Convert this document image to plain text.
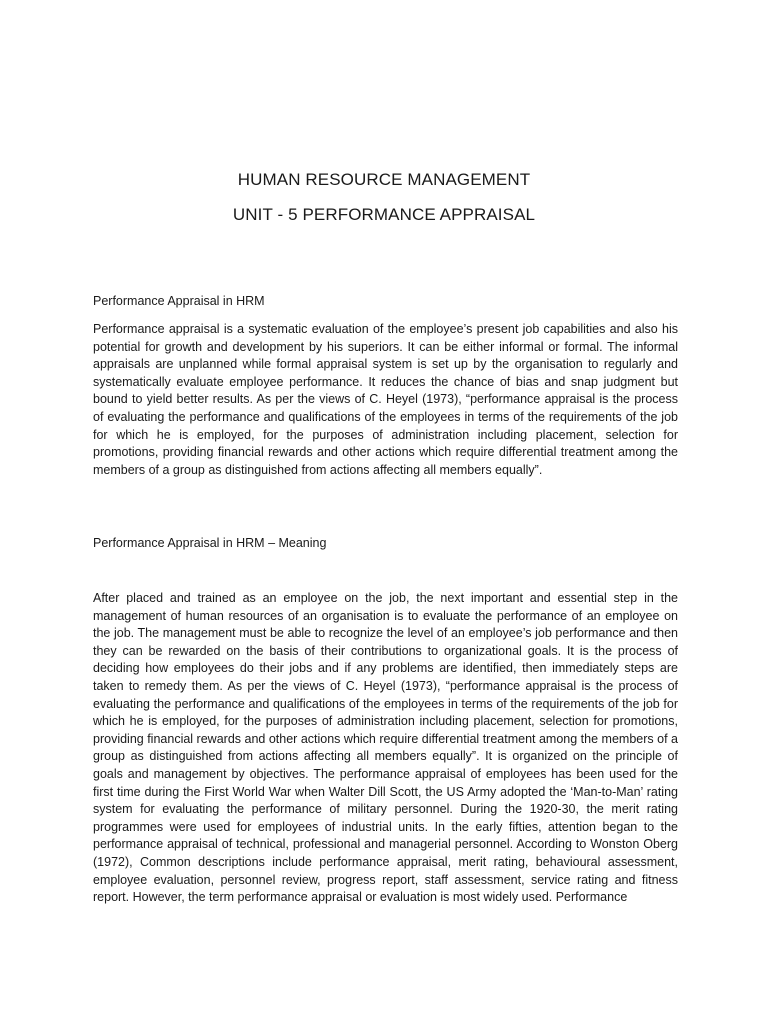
HUMAN RESOURCE MANAGEMENT
UNIT - 5 PERFORMANCE APPRAISAL
Performance Appraisal in HRM
Performance appraisal is a systematic evaluation of the employee’s present job capabilities and also his potential for growth and development by his superiors. It can be either informal or formal. The informal appraisals are unplanned while formal appraisal system is set up by the organisation to regularly and systematically evaluate employee performance. It reduces the chance of bias and snap judgment but bound to yield better results. As per the views of C. Heyel (1973), “performance appraisal is the process of evaluating the performance and qualifications of the employees in terms of the requirements of the job for which he is employed, for the purposes of administration including placement, selection for promotions, providing financial rewards and other actions which require differential treatment among the members of a group as distinguished from actions affecting all members equally”.
Performance Appraisal in HRM – Meaning
After placed and trained as an employee on the job, the next important and essential step in the management of human resources of an organisation is to evaluate the performance of an employee on the job. The management must be able to recognize the level of an employee’s job performance and then they can be rewarded on the basis of their contributions to organizational goals. It is the process of deciding how employees do their jobs and if any problems are identified, then immediately steps are taken to remedy them. As per the views of C. Heyel (1973), “performance appraisal is the process of evaluating the performance and qualifications of the employees in terms of the requirements of the job for which he is employed, for the purposes of administration including placement, selection for promotions, providing financial rewards and other actions which require differential treatment among the members of a group as distinguished from actions affecting all members equally”. It is organized on the principle of goals and management by objectives. The performance appraisal of employees has been used for the first time during the First World War when Walter Dill Scott, the US Army adopted the ‘Man-to-Man’ rating system for evaluating the performance of military personnel. During the 1920-30, the merit rating programmes were used for employees of industrial units. In the early fifties, attention began to the performance appraisal of technical, professional and managerial personnel. According to Wonston Oberg (1972), Common descriptions include performance appraisal, merit rating, behavioural assessment, employee evaluation, personnel review, progress report, staff assessment, service rating and fitness report. However, the term performance appraisal or evaluation is most widely used. Performance
